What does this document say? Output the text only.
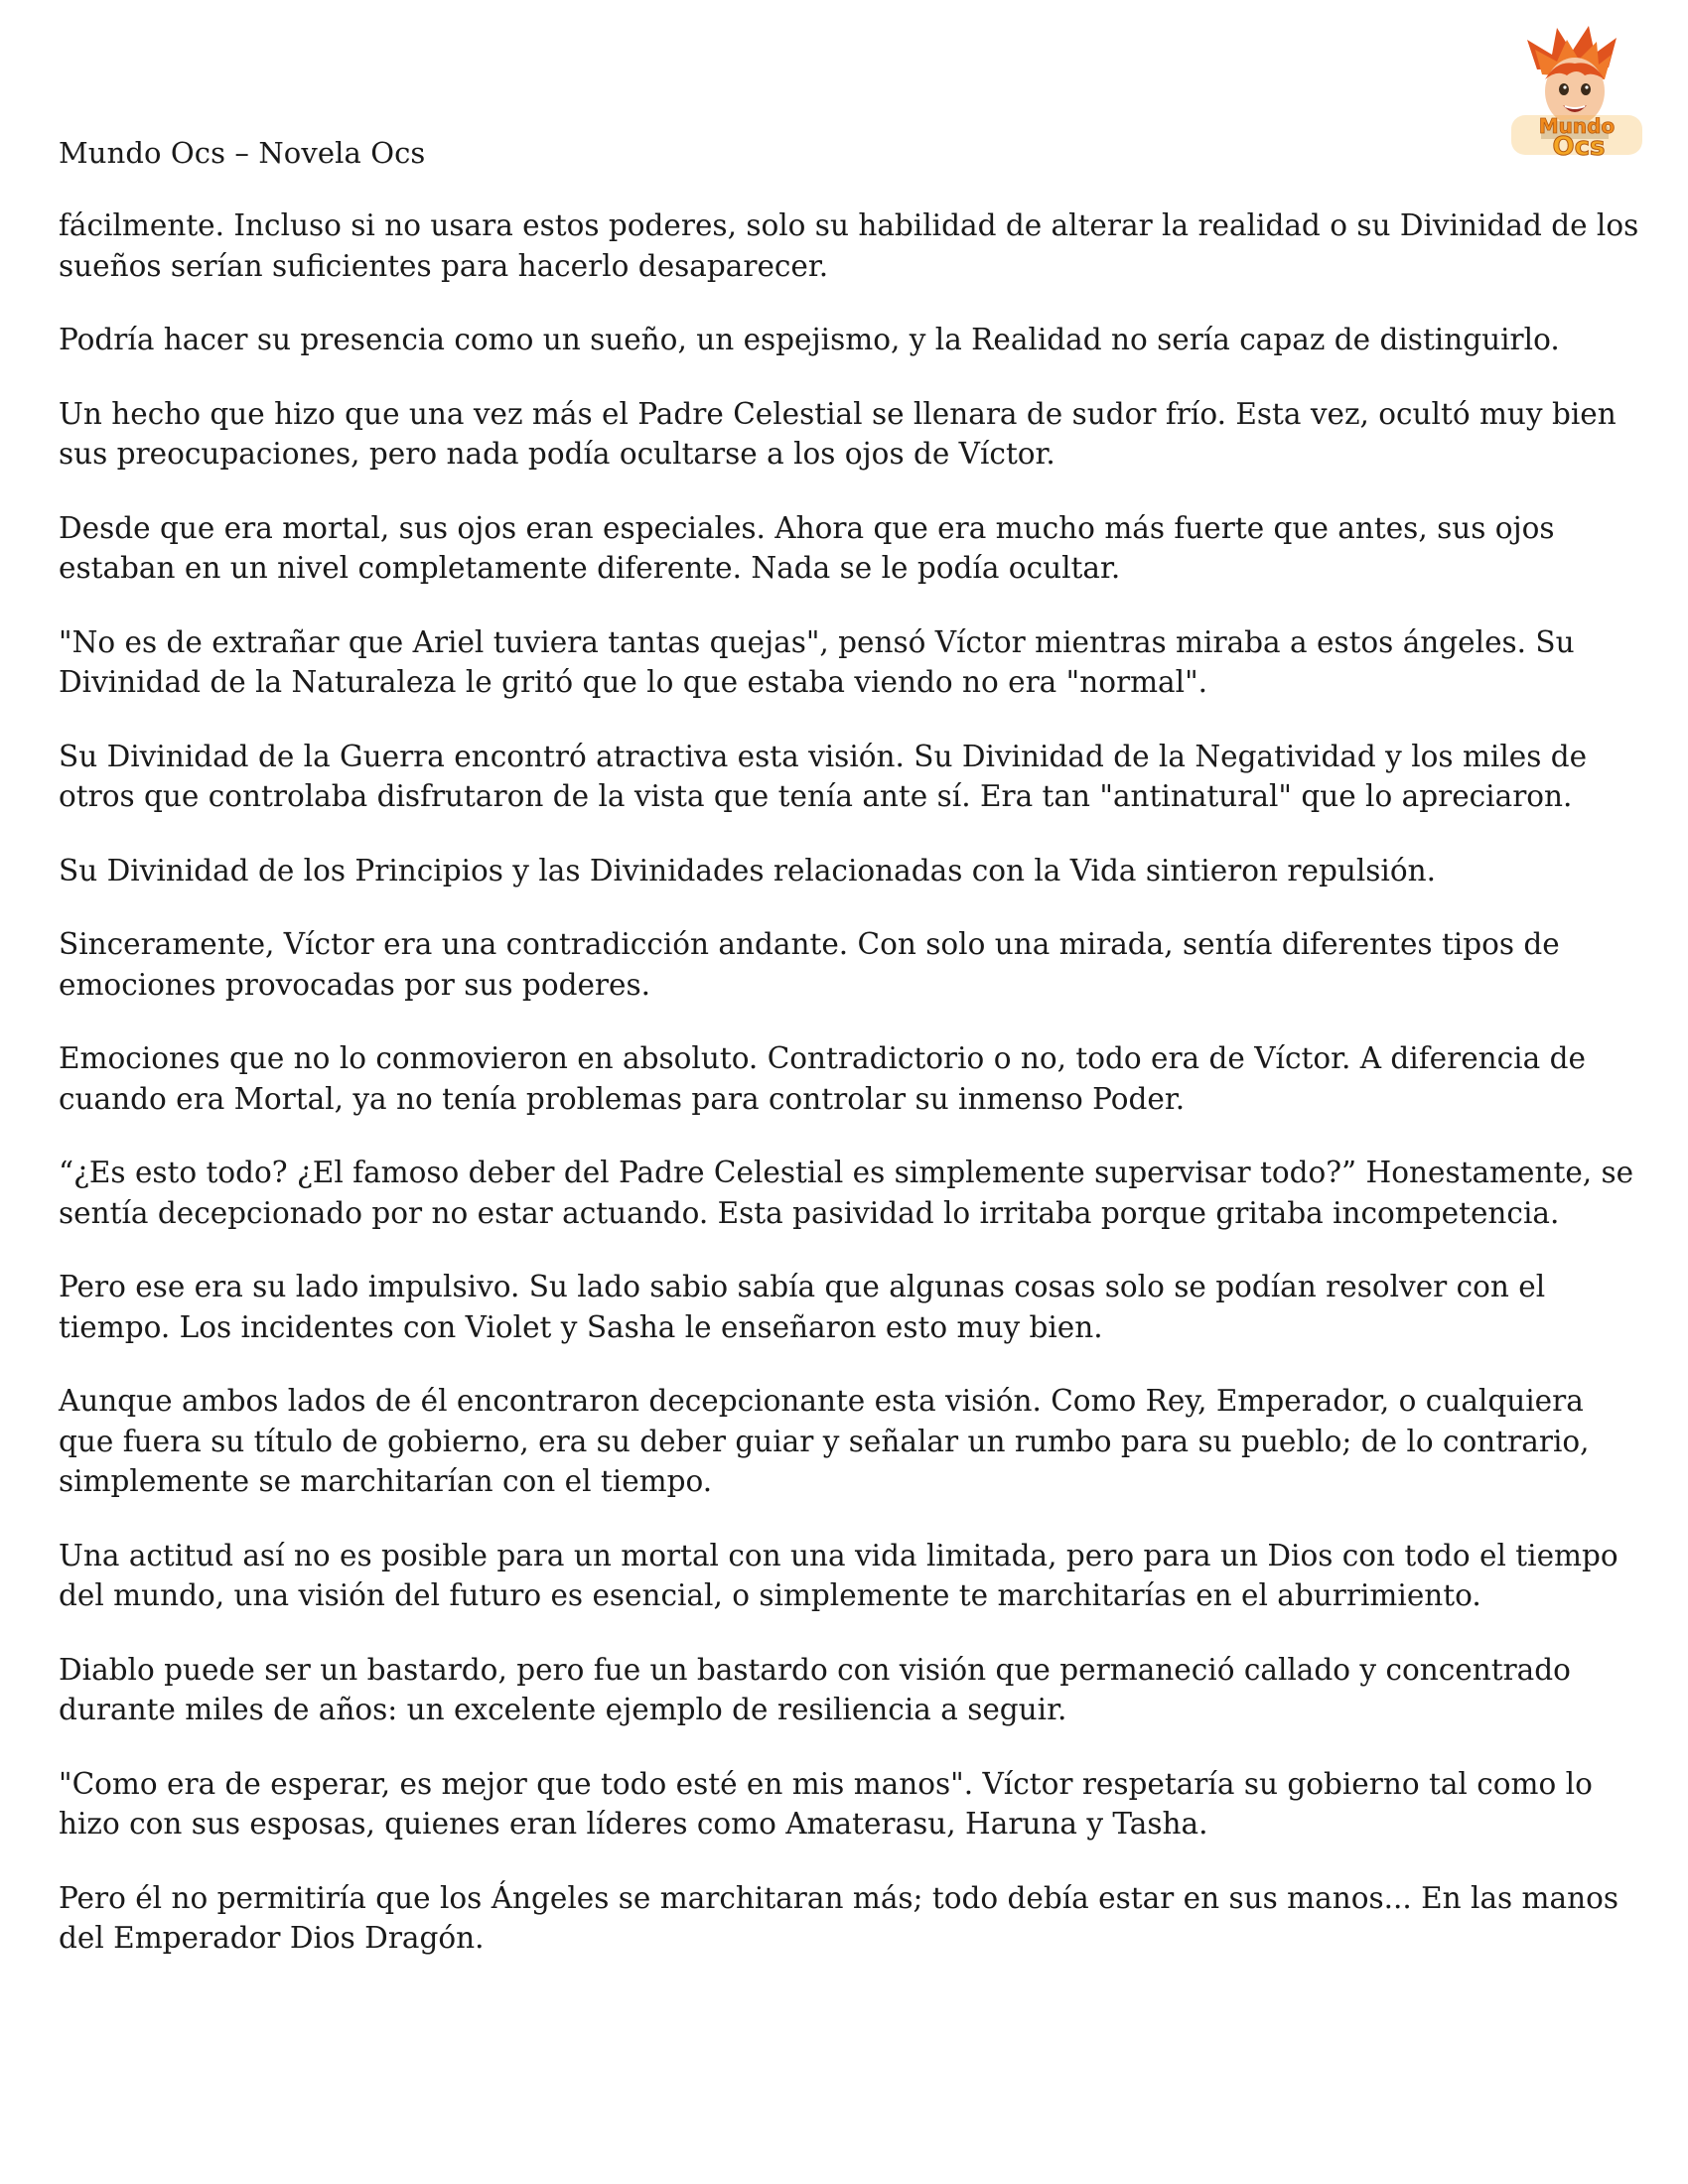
Mundo Ocs – Novela Ocs
Mundo
Ocs

fácilmente. Incluso si no usara estos poderes, solo su habilidad de alterar la realidad o su Divinidad de los sueños serían suficientes para hacerlo desaparecer.

Podría hacer su presencia como un sueño, un espejismo, y la Realidad no sería capaz de distinguirlo.

Un hecho que hizo que una vez más el Padre Celestial se llenara de sudor frío. Esta vez, ocultó muy bien sus preocupaciones, pero nada podía ocultarse a los ojos de Víctor.

Desde que era mortal, sus ojos eran especiales. Ahora que era mucho más fuerte que antes, sus ojos estaban en un nivel completamente diferente. Nada se le podía ocultar.

"No es de extrañar que Ariel tuviera tantas quejas", pensó Víctor mientras miraba a estos ángeles. Su Divinidad de la Naturaleza le gritó que lo que estaba viendo no era "normal".

Su Divinidad de la Guerra encontró atractiva esta visión. Su Divinidad de la Negatividad y los miles de otros que controlaba disfrutaron de la vista que tenía ante sí. Era tan "antinatural" que lo apreciaron.

Su Divinidad de los Principios y las Divinidades relacionadas con la Vida sintieron repulsión.

Sinceramente, Víctor era una contradicción andante. Con solo una mirada, sentía diferentes tipos de emociones provocadas por sus poderes.

Emociones que no lo conmovieron en absoluto. Contradictorio o no, todo era de Víctor. A diferencia de cuando era Mortal, ya no tenía problemas para controlar su inmenso Poder.

“¿Es esto todo? ¿El famoso deber del Padre Celestial es simplemente supervisar todo?” Honestamente, se sentía decepcionado por no estar actuando. Esta pasividad lo irritaba porque gritaba incompetencia.

Pero ese era su lado impulsivo. Su lado sabio sabía que algunas cosas solo se podían resolver con el tiempo. Los incidentes con Violet y Sasha le enseñaron esto muy bien.

Aunque ambos lados de él encontraron decepcionante esta visión. Como Rey, Emperador, o cualquiera que fuera su título de gobierno, era su deber guiar y señalar un rumbo para su pueblo; de lo contrario, simplemente se marchitarían con el tiempo.

Una actitud así no es posible para un mortal con una vida limitada, pero para un Dios con todo el tiempo del mundo, una visión del futuro es esencial, o simplemente te marchitarías en el aburrimiento.

Diablo puede ser un bastardo, pero fue un bastardo con visión que permaneció callado y concentrado durante miles de años: un excelente ejemplo de resiliencia a seguir.

"Como era de esperar, es mejor que todo esté en mis manos". Víctor respetaría su gobierno tal como lo hizo con sus esposas, quienes eran líderes como Amaterasu, Haruna y Tasha.

Pero él no permitiría que los Ángeles se marchitaran más; todo debía estar en sus manos... En las manos del Emperador Dios Dragón.
